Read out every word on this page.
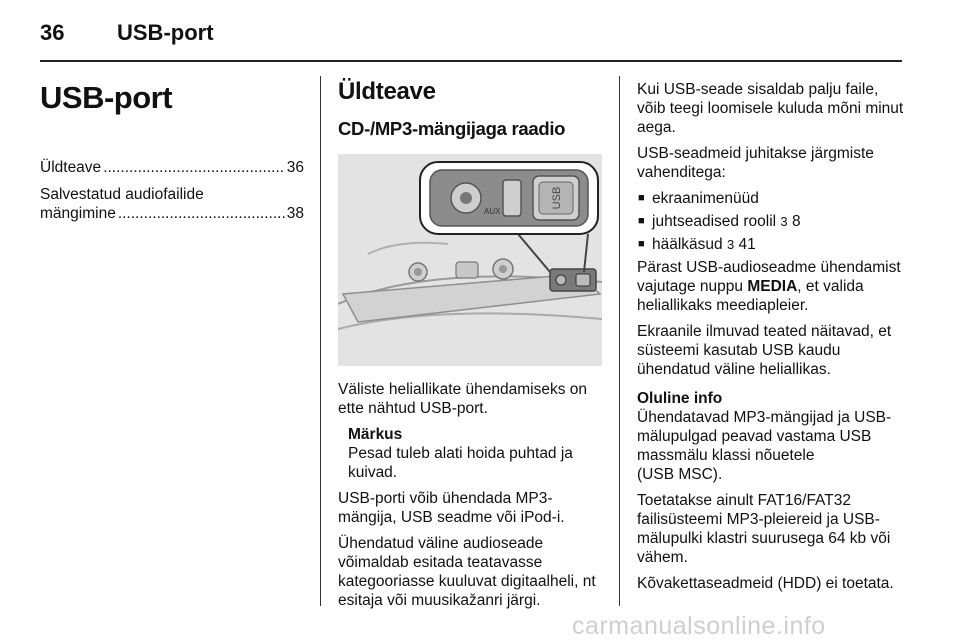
36 USB-port
USB-port
Üldteave .....	36
Salvestatud audiofailide
mängimine .....	38
Üldteave
CD-/MP3-mängijaga raadio
USB
AUX

Väliste heliallikate ühendamiseks on ette nähtud USB-port.

Märkus
Pesad tuleb alati hoida puhtad ja kuivad.

USB-porti võib ühendada MP3-mängija, USB seadme või iPod-i.

Ühendatud väline audioseade võimaldab esitada teatavasse kategooriasse kuuluvat digitaalheli, nt esitaja või muusikažanri järgi.

Kui USB-seade sisaldab palju faile, võib teegi loomisele kuluda mõni minut aega.

USB-seadmeid juhitakse järgmiste vahenditega:

■ ekraanimenüüd
■ juhtseadised roolil 3 8
■ häälkäsud 3 41

Pärast USB-audioseadme ühendamist vajutage nuppu MEDIA, et valida heliallikaks meediapleier.

Ekraanile ilmuvad teated näitavad, et süsteemi kasutab USB kaudu ühendatud väline heliallikas.

Oluline info

Ühendatavad MP3-mängijad ja USB-mälupulgad peavad vastama USB massmälu klassi nõuetele

(USB MSC).

Toetatakse ainult FAT16/FAT32 failisüsteemi MP3-pleiereid ja USB-mälupulki klastri suurusega 64 kb või vähem.

Kõvakettaseadmeid (HDD) ei toetata.

carmanualsonline.info
